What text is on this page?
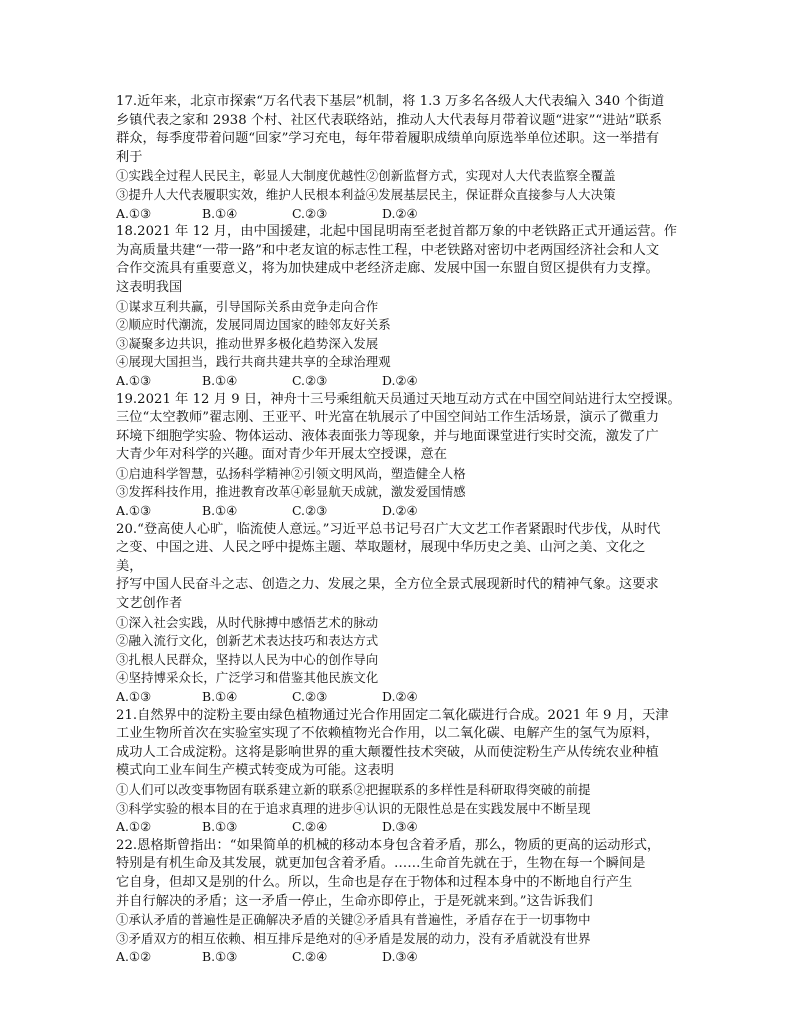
17.近年来，北京市探索“万名代表下基层”机制，将 1.3 万多名各级人大代表编入 340 个街道
乡镇代表之家和 2938 个村、社区代表联络站，推动人大代表每月带着议题“进家”“进站”联系
群众，每季度带着问题“回家”学习充电，每年带着履职成绩单向原选举单位述职。这一举措有
利于
①实践全过程人民民主，彰显人大制度优越性②创新监督方式，实现对人大代表监察全覆盖
③提升人大代表履职实效，维护人民根本利益④发展基层民主，保证群众直接参与人大决策
A.①③	B.①④	C.②③	D.②④
18.2021 年 12 月，由中国援建，北起中国昆明南至老挝首都万象的中老铁路正式开通运营。作
为高质量共建“一带一路”和中老友谊的标志性工程，中老铁路对密切中老两国经济社会和人文
合作交流具有重要意义，将为加快建成中老经济走廊、发展中国一东盟自贸区提供有力支撑。
这表明我国
①谋求互利共赢，引导国际关系由竞争走向合作
②顺应时代潮流，发展同周边国家的睦邻友好关系
③凝聚多边共识，推动世界多极化趋势深入发展
④展现大国担当，践行共商共建共享的全球治理观
A.①③	B.①④	C.②③	D.②④
19.2021 年 12 月 9 日，神舟十三号乘组航天员通过天地互动方式在中国空间站进行太空授课。
三位“太空教师”翟志刚、王亚平、叶光富在轨展示了中国空间站工作生活场景，演示了微重力
环境下细胞学实验、物体运动、液体表面张力等现象，并与地面课堂进行实时交流，激发了广
大青少年对科学的兴趣。面对青少年开展太空授课，意在
①启迪科学智慧，弘扬科学精神②引领文明风尚，塑造健全人格
③发挥科技作用，推进教育改革④彰显航天成就，激发爱国情感
A.①③	B.①④	C.②③	D.②④
20.“登高使人心旷，临流使人意远。”习近平总书记号召广大文艺工作者紧跟时代步伐，从时代
之变、中国之进、人民之呼中提炼主题、萃取题材，展现中华历史之美、山河之美、文化之
美，
抒写中国人民奋斗之志、创造之力、发展之果，全方位全景式展现新时代的精神气象。这要求
文艺创作者
①深入社会实践，从时代脉搏中感悟艺术的脉动
②融入流行文化，创新艺术表达技巧和表达方式
③扎根人民群众，坚持以人民为中心的创作导向
④坚持博采众长，广泛学习和借鉴其他民族文化
A.①③	B.①④	C.②③	D.②④
21.自然界中的淀粉主要由绿色植物通过光合作用固定二氧化碳进行合成。2021 年 9 月，天津
工业生物所首次在实验室实现了不依赖植物光合作用，以二氧化碳、电解产生的氢气为原料，
成功人工合成淀粉。这将是影响世界的重大颠覆性技术突破，从而使淀粉生产从传统农业种植
模式向工业车间生产模式转变成为可能。这表明
①人们可以改变事物固有联系建立新的联系②把握联系的多样性是科研取得突破的前提
③科学实验的根本目的在于追求真理的进步④认识的无限性总是在实践发展中不断呈现
A.①②	B.①③	C.②④	D.③④
22.恩格斯曾指出：“如果简单的机械的移动本身包含着矛盾，那么，物质的更高的运动形式，
特别是有机生命及其发展，就更加包含着矛盾。……生命首先就在于，生物在每一个瞬间是
它自身，但却又是别的什么。所以，生命也是存在于物体和过程本身中的不断地自行产生
并自行解决的矛盾；这一矛盾一停止，生命亦即停止，于是死就来到。”这告诉我们
①承认矛盾的普遍性是正确解决矛盾的关键②矛盾具有普遍性，矛盾存在于一切事物中
③矛盾双方的相互依赖、相互排斥是绝对的④矛盾是发展的动力，没有矛盾就没有世界
A.①②	B.①③	C.②④	D.③④
